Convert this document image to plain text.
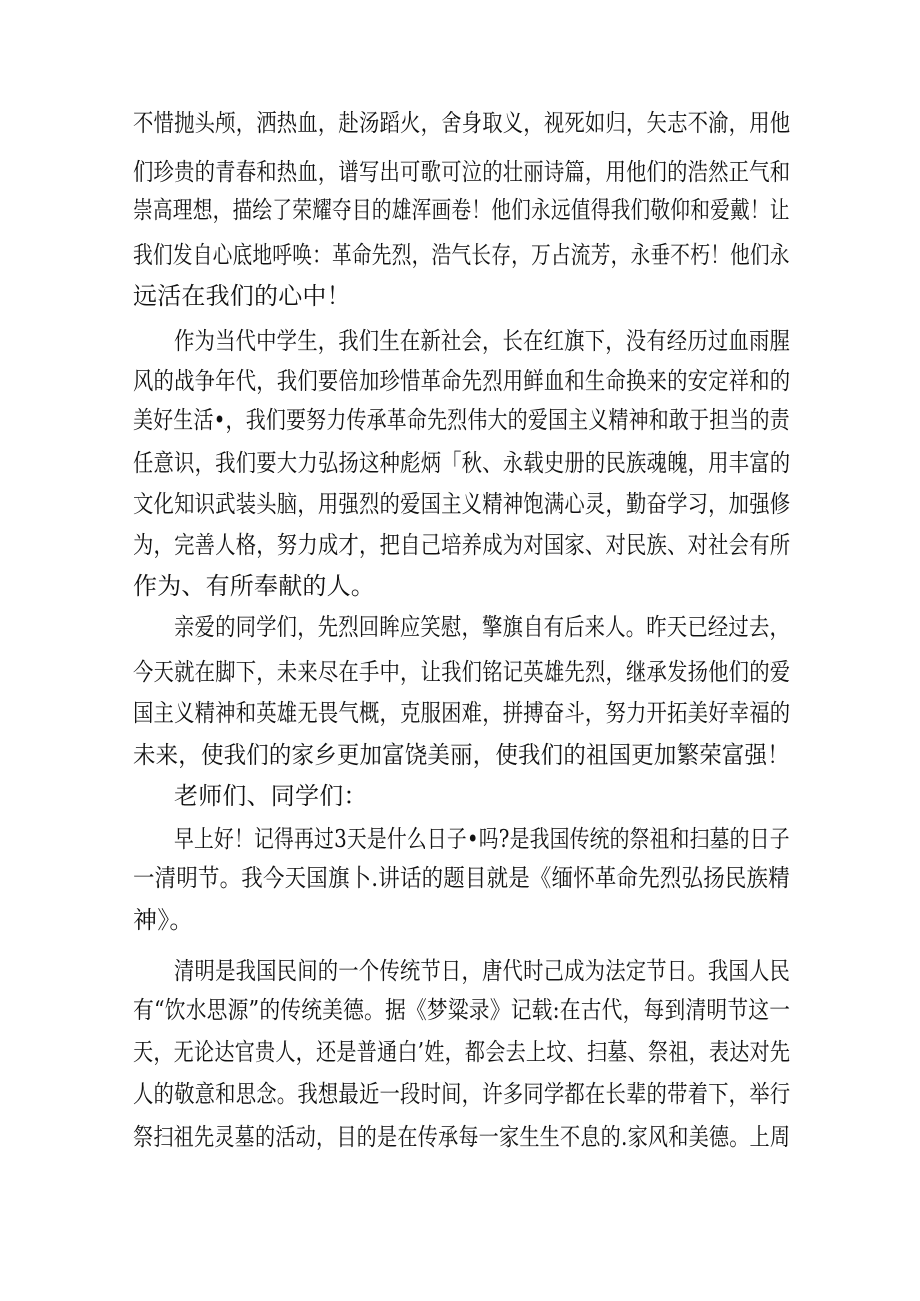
不惜抛头颅，洒热血，赴汤蹈火，舍身取义，视死如归，矢志不渝，用他
们珍贵的青春和热血，谱写出可歌可泣的壮丽诗篇，用他们的浩然正气和
崇高理想，描绘了荣耀夺目的雄浑画卷！他们永远值得我们敬仰和爱戴！让
我们发自心底地呼唤：革命先烈，浩气长存，万占流芳，永垂不朽！他们永
远活在我们的心中！
作为当代中学生，我们生在新社会，长在红旗下，没有经历过血雨腥
风的战争年代，我们要倍加珍惜革命先烈用鲜血和生命换来的安定祥和的
美好生活•，我们要努力传承革命先烈伟大的爱国主义精神和敢于担当的责
任意识，我们要大力弘扬这种彪炳「秋、永载史册的民族魂魄，用丰富的
文化知识武装头脑，用强烈的爱国主义精神饱满心灵，勤奋学习，加强修
为，完善人格，努力成才，把自己培养成为对国家、对民族、对社会有所
作为、有所奉献的人。
亲爱的同学们，先烈回眸应笑慰，擎旗自有后来人。昨天已经过去，
今天就在脚下，未来尽在手中，让我们铭记英雄先烈，继承发扬他们的爱
国主义精神和英雄无畏气概，克服困难，拼搏奋斗，努力开拓美好幸福的
未来，使我们的家乡更加富饶美丽，使我们的祖国更加繁荣富强！
老师们、同学们：
早上好！记得再过3天是什么日子•吗?是我国传统的祭祖和扫墓的日子
一清明节。我今天国旗卜.讲话的题目就是《缅怀革命先烈弘扬民族精
神》。
清明是我国民间的一个传统节日，唐代时己成为法定节日。我国人民
有“饮水思源”的传统美德。据《梦粱录》记载:在古代，每到清明节这一
天，无论达官贵人，还是普通白’姓，都会去上坟、扫墓、祭祖，表达对先
人的敬意和思念。我想最近一段时间，许多同学都在长辈的带着下，举行
祭扫祖先灵墓的活动，目的是在传承每一家生生不息的.家风和美德。上周
